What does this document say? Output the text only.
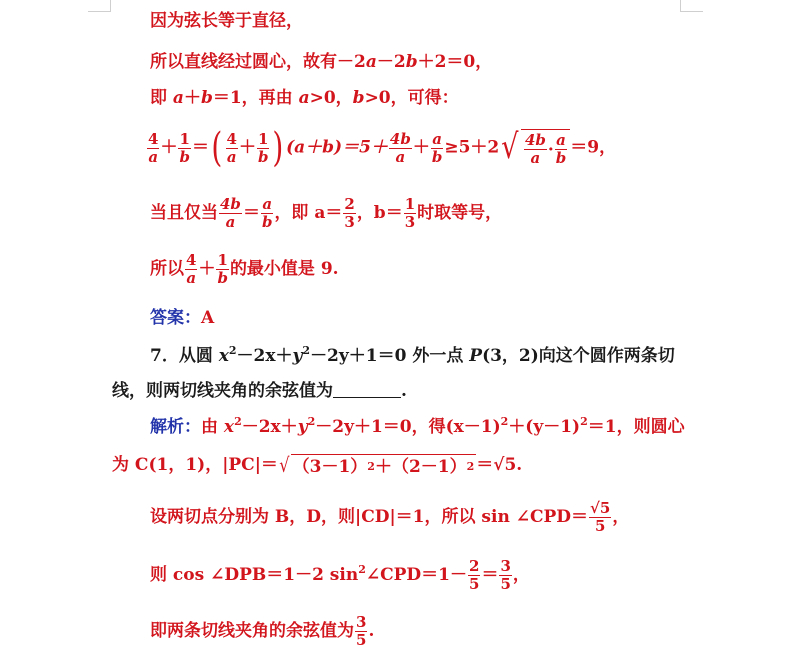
因为弦长等于直径，
所以直线经过圆心，故有－2a－2b＋2＝0，
即 a＋b＝1，再由 a>0，b>0，可得：
$\frac{4}{a} + \frac{1}{b}$ ＝( $\frac{4}{a} + \frac{1}{b}$ ) $(a+b)=5+ \frac{4b}{a} + \frac{a}{b} \ge 5+2$ √ $\frac{4b}{a} \cdot \frac{a}{b} =9$，
当且仅当 $\frac{4b}{a} = \frac{a}{b}$ ，即 $a= \frac{2}{3}$ ，$b= \frac{1}{3}$ 时取等号，
所以 $\frac{4}{a} + \frac{1}{b}$ 的最小值是 9.
答案：A
7．从圆 $x^2-2x+y^2-2y+1=0$ 外一点 P(3，2)向这个圆作两条切
线，则两切线夹角的余弦值为	.
解析：由 $x^2-2x+y^2-2y+1=0$，得$(x-1)^2+(y-1)^2=1$，则圆心
为 C(1，1)，|PC|＝ √ （3－1） 2 ＋（2－1） 2 ＝√5.
设两切点分别为 B，D，则|CD|＝1，所以 sin ∠CPD＝ $\frac{√5}{5}$ ，
则 cos ∠DPB＝1－2 $\sin^2\angle CPD=1- \frac{2}{5} = \frac{3}{5}$ ，
即两条切线夹角的余弦值为 $\frac{3}{5}$ .
